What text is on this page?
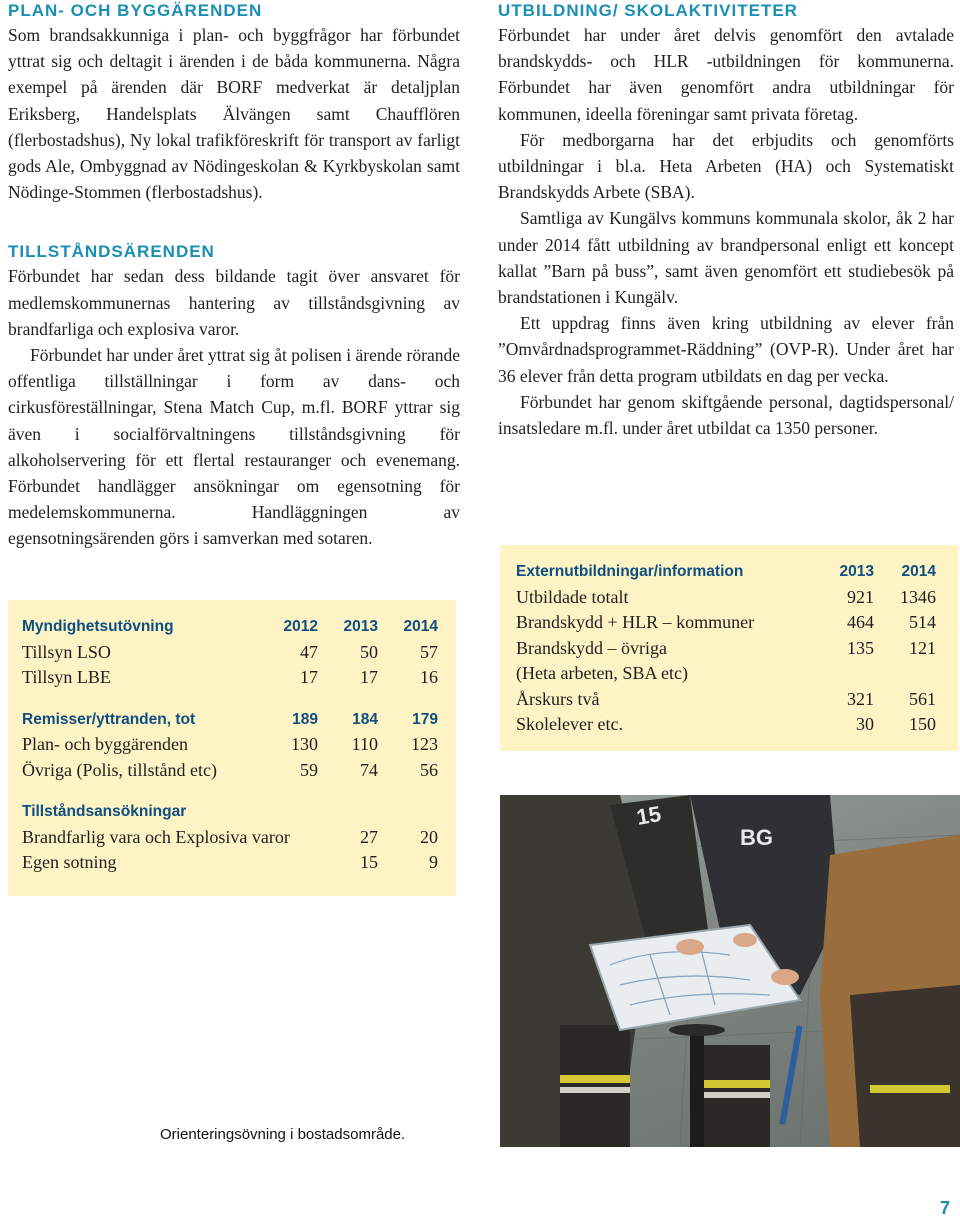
PLAN- OCH BYGGÄRENDEN

Som brandsakkunniga i plan- och byggfrågor har förbundet yttrat sig och deltagit i ärenden i de båda kommunerna. Några exempel på ärenden där BORF medverkat är detaljplan Eriksberg, Handelsplats Älvängen samt Chaufflören (flerbostadshus), Ny lokal trafikföreskrift för transport av farligt gods Ale, Ombyggnad av Nödingeskolan & Kyrkbyskolan samt Nödinge-Stommen (flerbostadshus).

TILLSTÅNDSÄRENDEN

Förbundet har sedan dess bildande tagit över ansvaret för medlemskommunernas hantering av tillståndsgivning av brandfarliga och explosiva varor.

Förbundet har under året yttrat sig åt polisen i ärende rörande offentliga tillställningar i form av dans- och cirkusföreställningar, Stena Match Cup, m.fl. BORF yttrar sig även i socialförvaltningens tillståndsgivning för alkoholservering för ett flertal restauranger och evenemang. Förbundet handlägger ansökningar om egensotning för medelemskommunerna. Handläggningen av egensotningsärenden görs i samverkan med sotaren.

Myndighetsutövning	2012	2013	2014
Tillsyn LSO	47	50	57
Tillsyn LBE	17	17	16

Remisser/yttranden, tot	189	184	179
Plan- och byggärenden	130	110	123
Övriga (Polis, tillstånd etc)	59	74	56

Tillståndsansökningar			
Brandfarlig vara och Explosiva varor		27	20
Egen sotning		15	9
UTBILDNING/ SKOLAKTIVITETER

Förbundet har under året delvis genomfört den avtalade brandskydds- och HLR -utbildningen för kommunerna. Förbundet har även genomfört andra utbildningar för kommunen, ideella föreningar samt privata företag.

För medborgarna har det erbjudits och genomförts utbildningar i bl.a. Heta Arbeten (HA) och Systematiskt Brandskydds Arbete (SBA).

Samtliga av Kungälvs kommuns kommunala skolor, åk 2 har under 2014 fått utbildning av brandpersonal enligt ett koncept kallat ”Barn på buss”, samt även genomfört ett studiebesök på brandstationen i Kungälv.

Ett uppdrag finns även kring utbildning av elever från ”Omvårdnadsprogrammet-Räddning” (OVP-R). Under året har 36 elever från detta program utbildats en dag per vecka.

Förbundet har genom skiftgående personal, dagtidspersonal/ insatsledare m.fl. under året utbildat ca 1350 personer.

Externutbildningar/information	2013	2014
Utbildade totalt	921	1346
Brandskydd + HLR – kommuner	464	514
Brandskydd – övriga	135	121
(Heta arbeten, SBA etc)		
Årskurs två	321	561
Skolelever etc.	30	150
15
BG
Orienteringsövning i bostadsområde.
7
